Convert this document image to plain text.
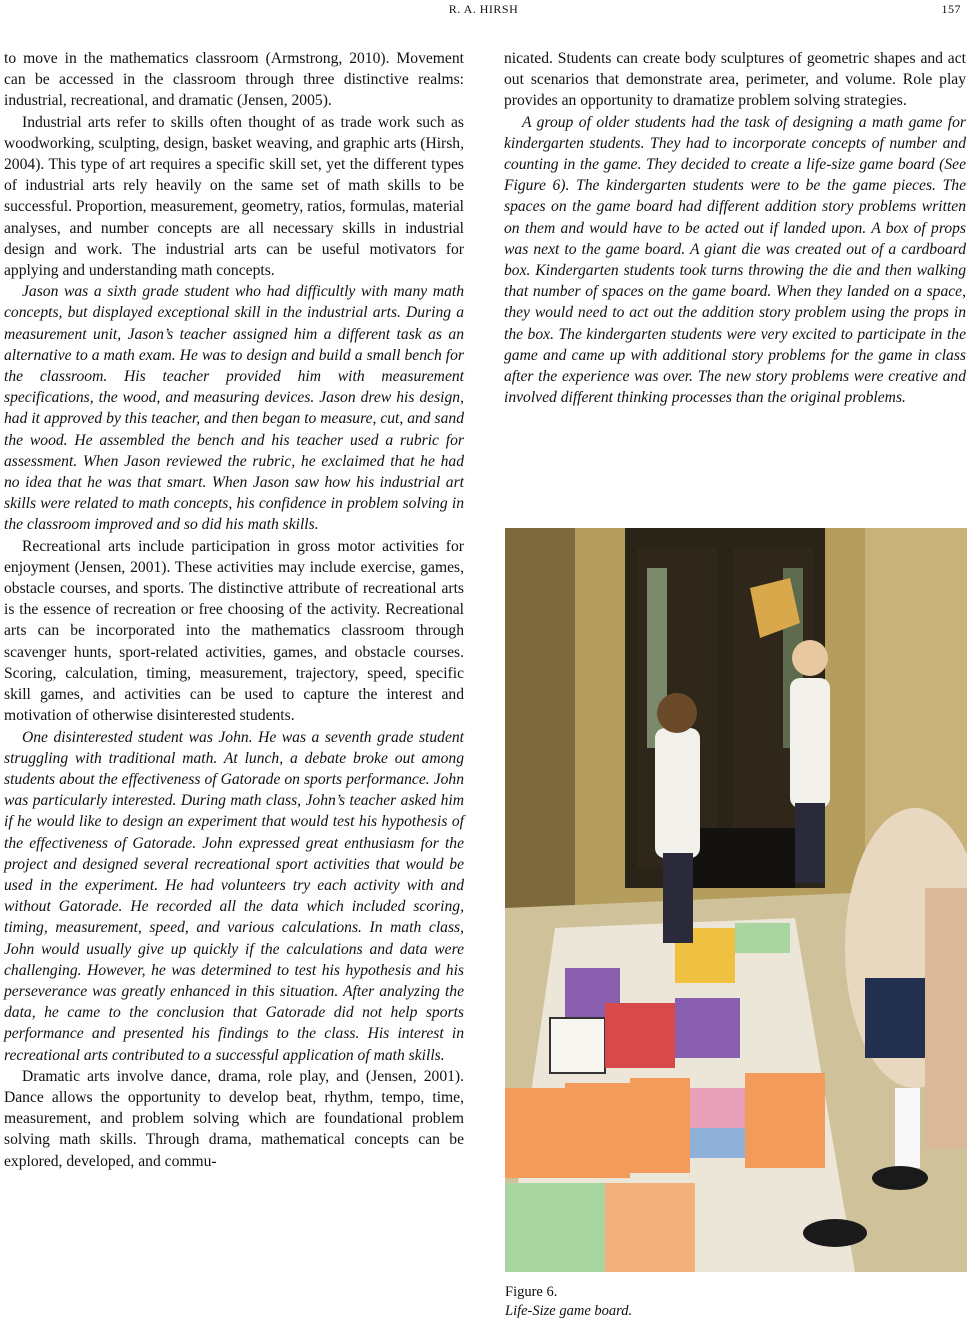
R. A. HIRSH	157

to move in the mathematics classroom (Armstrong, 2010). Movement can be accessed in the classroom through three distinctive realms: industrial, recreational, and dramatic (Jensen, 2005).

Industrial arts refer to skills often thought of as trade work such as woodworking, sculpting, design, basket weaving, and graphic arts (Hirsh, 2004). This type of art requires a specific skill set, yet the different types of industrial arts rely heavily on the same set of math skills to be successful. Proportion, measurement, geometry, ratios, formulas, material analyses, and number concepts are all necessary skills in industrial design and work. The industrial arts can be useful motivators for applying and understanding math concepts.

Jason was a sixth grade student who had difficultly with many math concepts, but displayed exceptional skill in the industrial arts. During a measurement unit, Jason’s teacher assigned him a different task as an alternative to a math exam. He was to design and build a small bench for the classroom. His teacher provided him with measurement specifications, the wood, and measuring devices. Jason drew his design, had it approved by this teacher, and then began to measure, cut, and sand the wood. He assembled the bench and his teacher used a rubric for assessment. When Jason reviewed the rubric, he exclaimed that he had no idea that he was that smart. When Jason saw how his industrial art skills were related to math concepts, his confidence in problem solving in the classroom improved and so did his math skills.

Recreational arts include participation in gross motor activities for enjoyment (Jensen, 2001). These activities may include exercise, games, obstacle courses, and sports. The distinctive attribute of recreational arts is the essence of recreation or free choosing of the activity. Recreational arts can be incorporated into the mathematics classroom through scavenger hunts, sport-related activities, games, and obstacle courses. Scoring, calculation, timing, measurement, trajectory, speed, specific skill games, and activities can be used to capture the interest and motivation of otherwise disinterested students.

One disinterested student was John. He was a seventh grade student struggling with traditional math. At lunch, a debate broke out among students about the effectiveness of Gatorade on sports performance. John was particularly interested. During math class, John’s teacher asked him if he would like to design an experiment that would test his hypothesis of the effectiveness of Gatorade. John expressed great enthusiasm for the project and designed several recreational sport activities that would be used in the experiment. He had volunteers try each activity with and without Gatorade. He recorded all the data which included scoring, timing, measurement, speed, and various calculations. In math class, John would usually give up quickly if the calculations and data were challenging. However, he was determined to test his hypothesis and his perseverance was greatly enhanced in this situation. After analyzing the data, he came to the conclusion that Gatorade did not help sports performance and presented his findings to the class. His interest in recreational arts contributed to a successful application of math skills.

Dramatic arts involve dance, drama, role play, and (Jensen, 2001). Dance allows the opportunity to develop beat, rhythm, tempo, time, measurement, and problem solving which are foundational problem solving math skills. Through drama, mathematical concepts can be explored, developed, and commu-

nicated. Students can create body sculptures of geometric shapes and act out scenarios that demonstrate area, perimeter, and volume. Role play provides an opportunity to dramatize problem solving strategies.

A group of older students had the task of designing a math game for kindergarten students. They had to incorporate concepts of number and counting in the game. They decided to create a life-size game board (See Figure 6). The kindergarten students were to be the game pieces. The spaces on the game board had different addition story problems written on them and would have to be acted out if landed upon. A box of props was next to the game board. A giant die was created out of a cardboard box. Kindergarten students took turns throwing the die and then walking that number of spaces on the game board. When they landed on a space, they would need to act out the addition story problem using the props in the box. The kindergarten students were very excited to participate in the game and came up with additional story problems for the game in class after the experience was over. The new story problems were creative and involved different thinking processes than the original problems.

Figure 6.
Life-Size game board.
